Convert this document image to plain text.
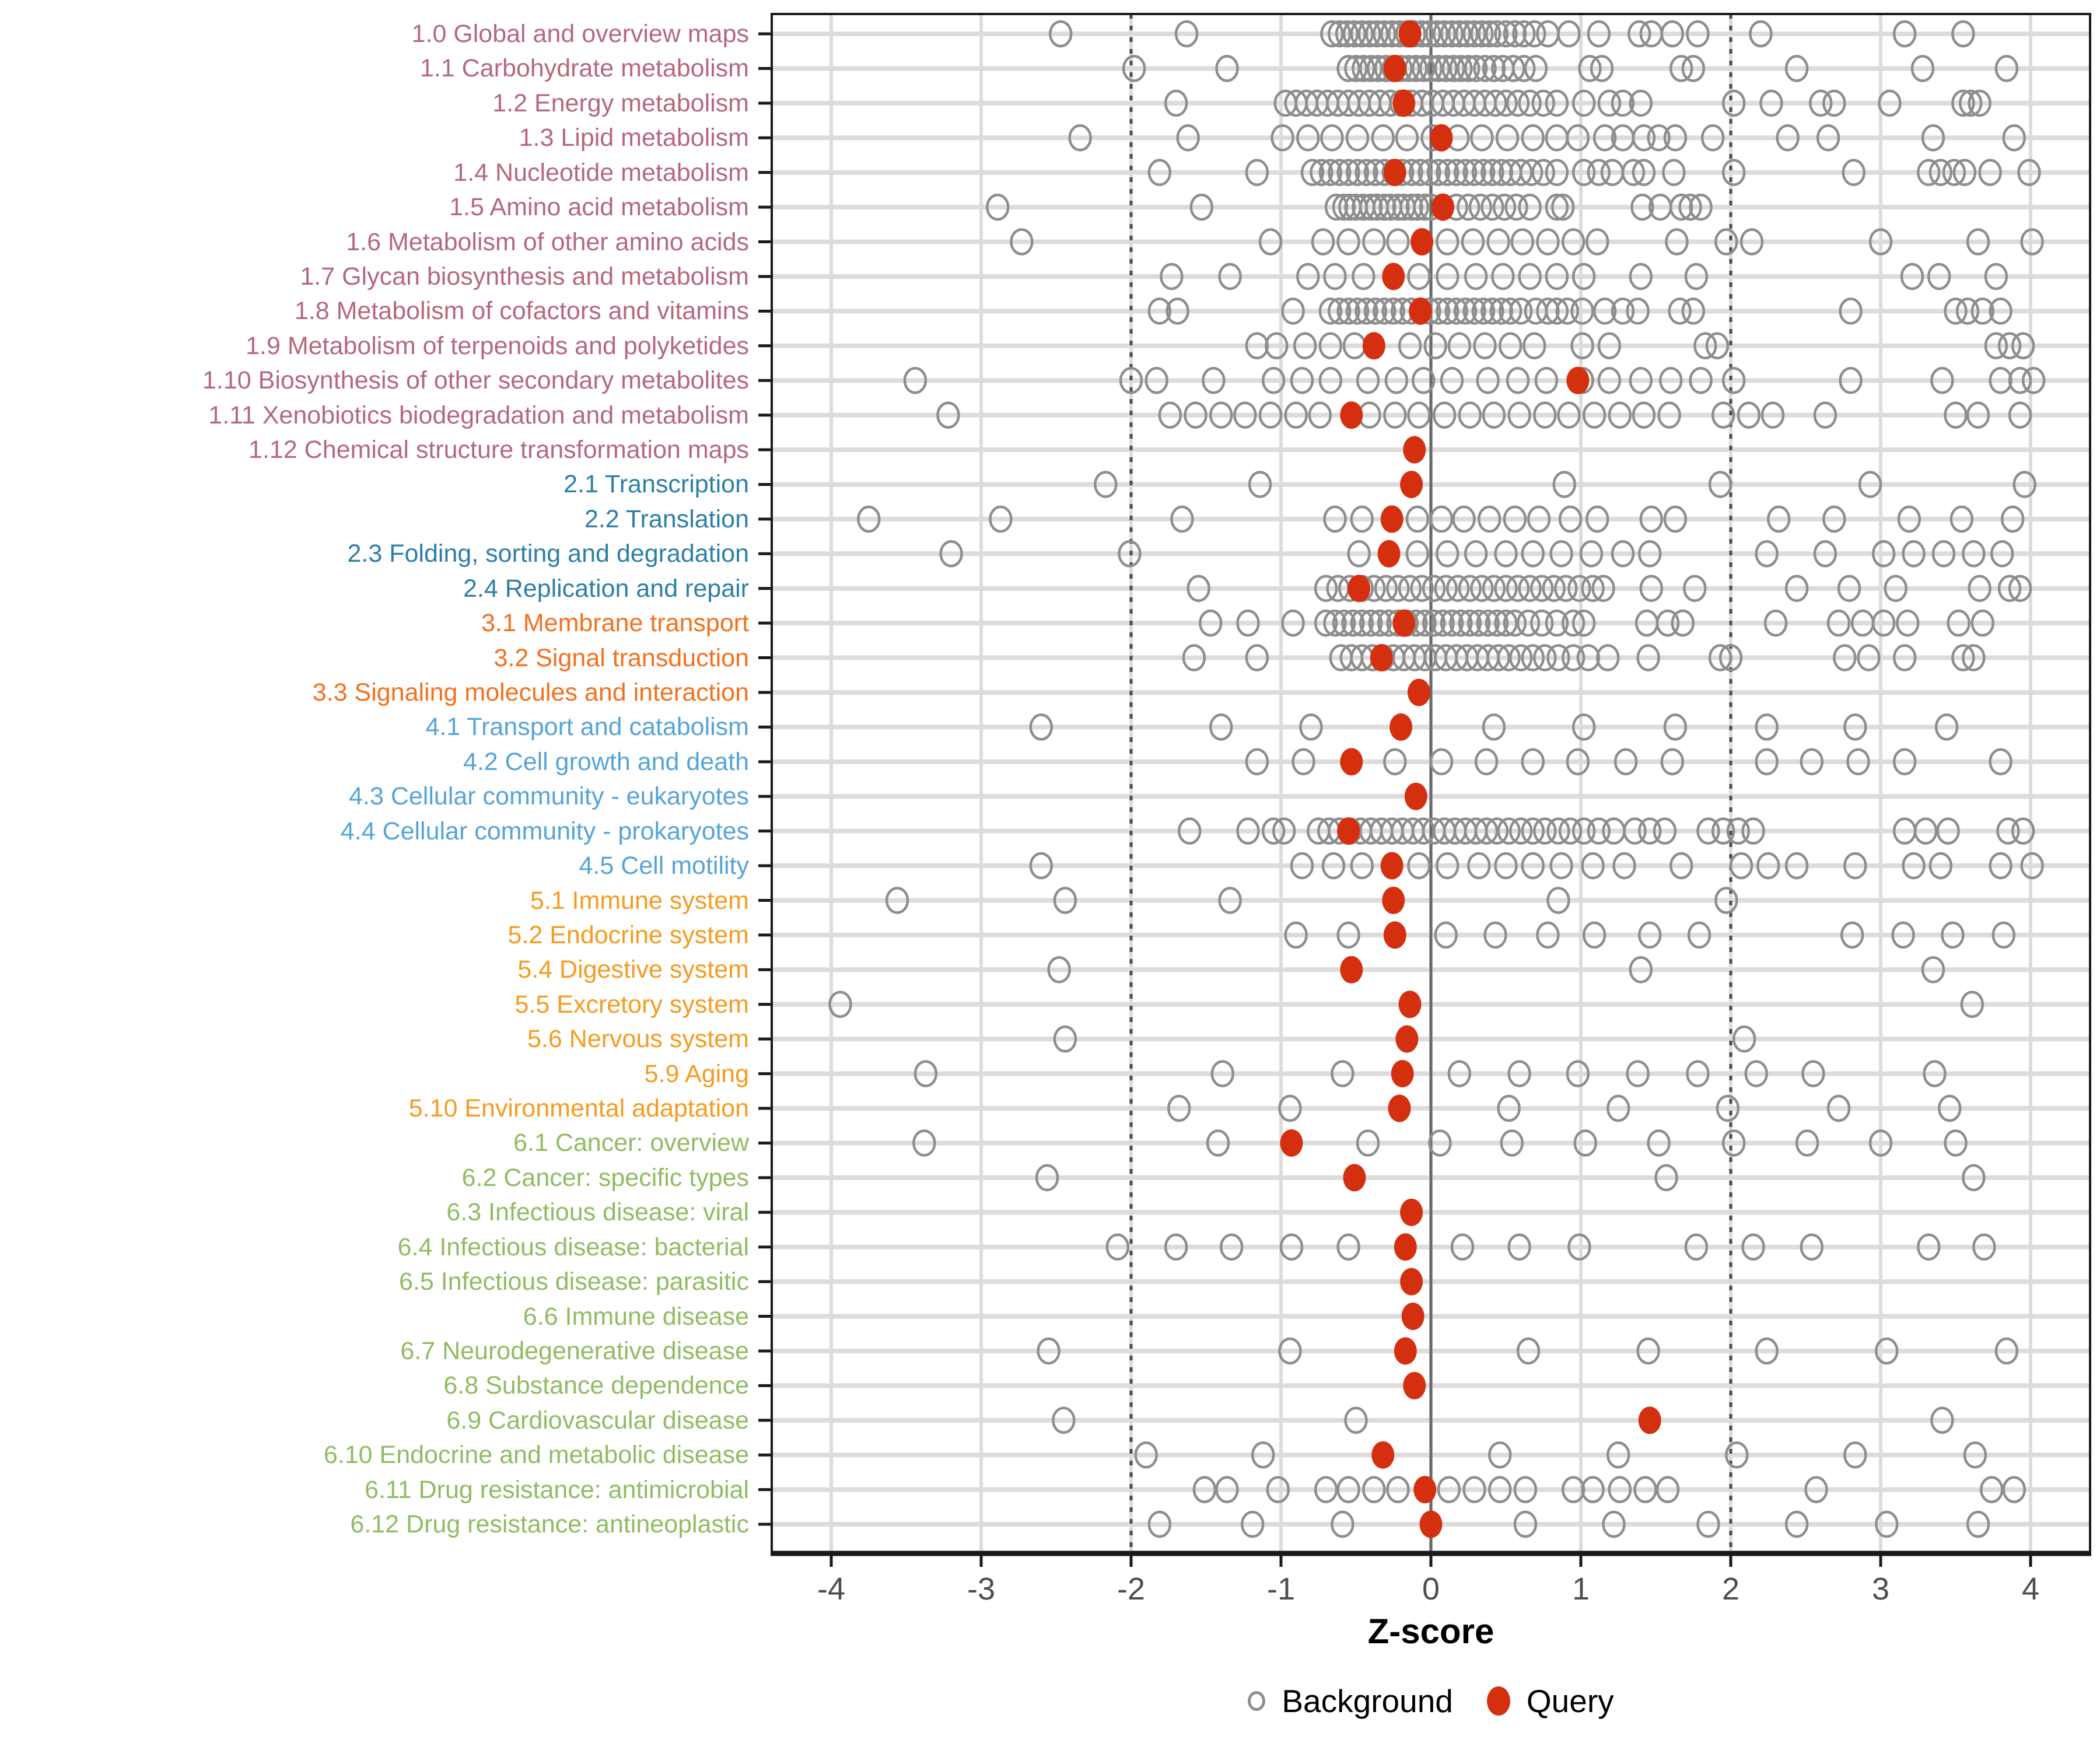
1.0 Global and overview maps
1.1 Carbohydrate metabolism
1.2 Energy metabolism
1.3 Lipid metabolism
1.4 Nucleotide metabolism
1.5 Amino acid metabolism
1.6 Metabolism of other amino acids
1.7 Glycan biosynthesis and metabolism
1.8 Metabolism of cofactors and vitamins
1.9 Metabolism of terpenoids and polyketides
1.10 Biosynthesis of other secondary metabolites
1.11 Xenobiotics biodegradation and metabolism
1.12 Chemical structure transformation maps
2.1 Transcription
2.2 Translation
2.3 Folding, sorting and degradation
2.4 Replication and repair
3.1 Membrane transport
3.2 Signal transduction
3.3 Signaling molecules and interaction
4.1 Transport and catabolism
4.2 Cell growth and death
4.3 Cellular community - eukaryotes
4.4 Cellular community - prokaryotes
4.5 Cell motility
5.1 Immune system
5.2 Endocrine system
5.4 Digestive system
5.5 Excretory system
5.6 Nervous system
5.9 Aging
5.10 Environmental adaptation
6.1 Cancer: overview
6.2 Cancer: specific types
6.3 Infectious disease: viral
6.4 Infectious disease: bacterial
6.5 Infectious disease: parasitic
6.6 Immune disease
6.7 Neurodegenerative disease
6.8 Substance dependence
6.9 Cardiovascular disease
6.10 Endocrine and metabolic disease
6.11 Drug resistance: antimicrobial
6.12 Drug resistance: antineoplastic
-4	-3	-2	-1	0	1	2	3	4
Z-score
Background Query
